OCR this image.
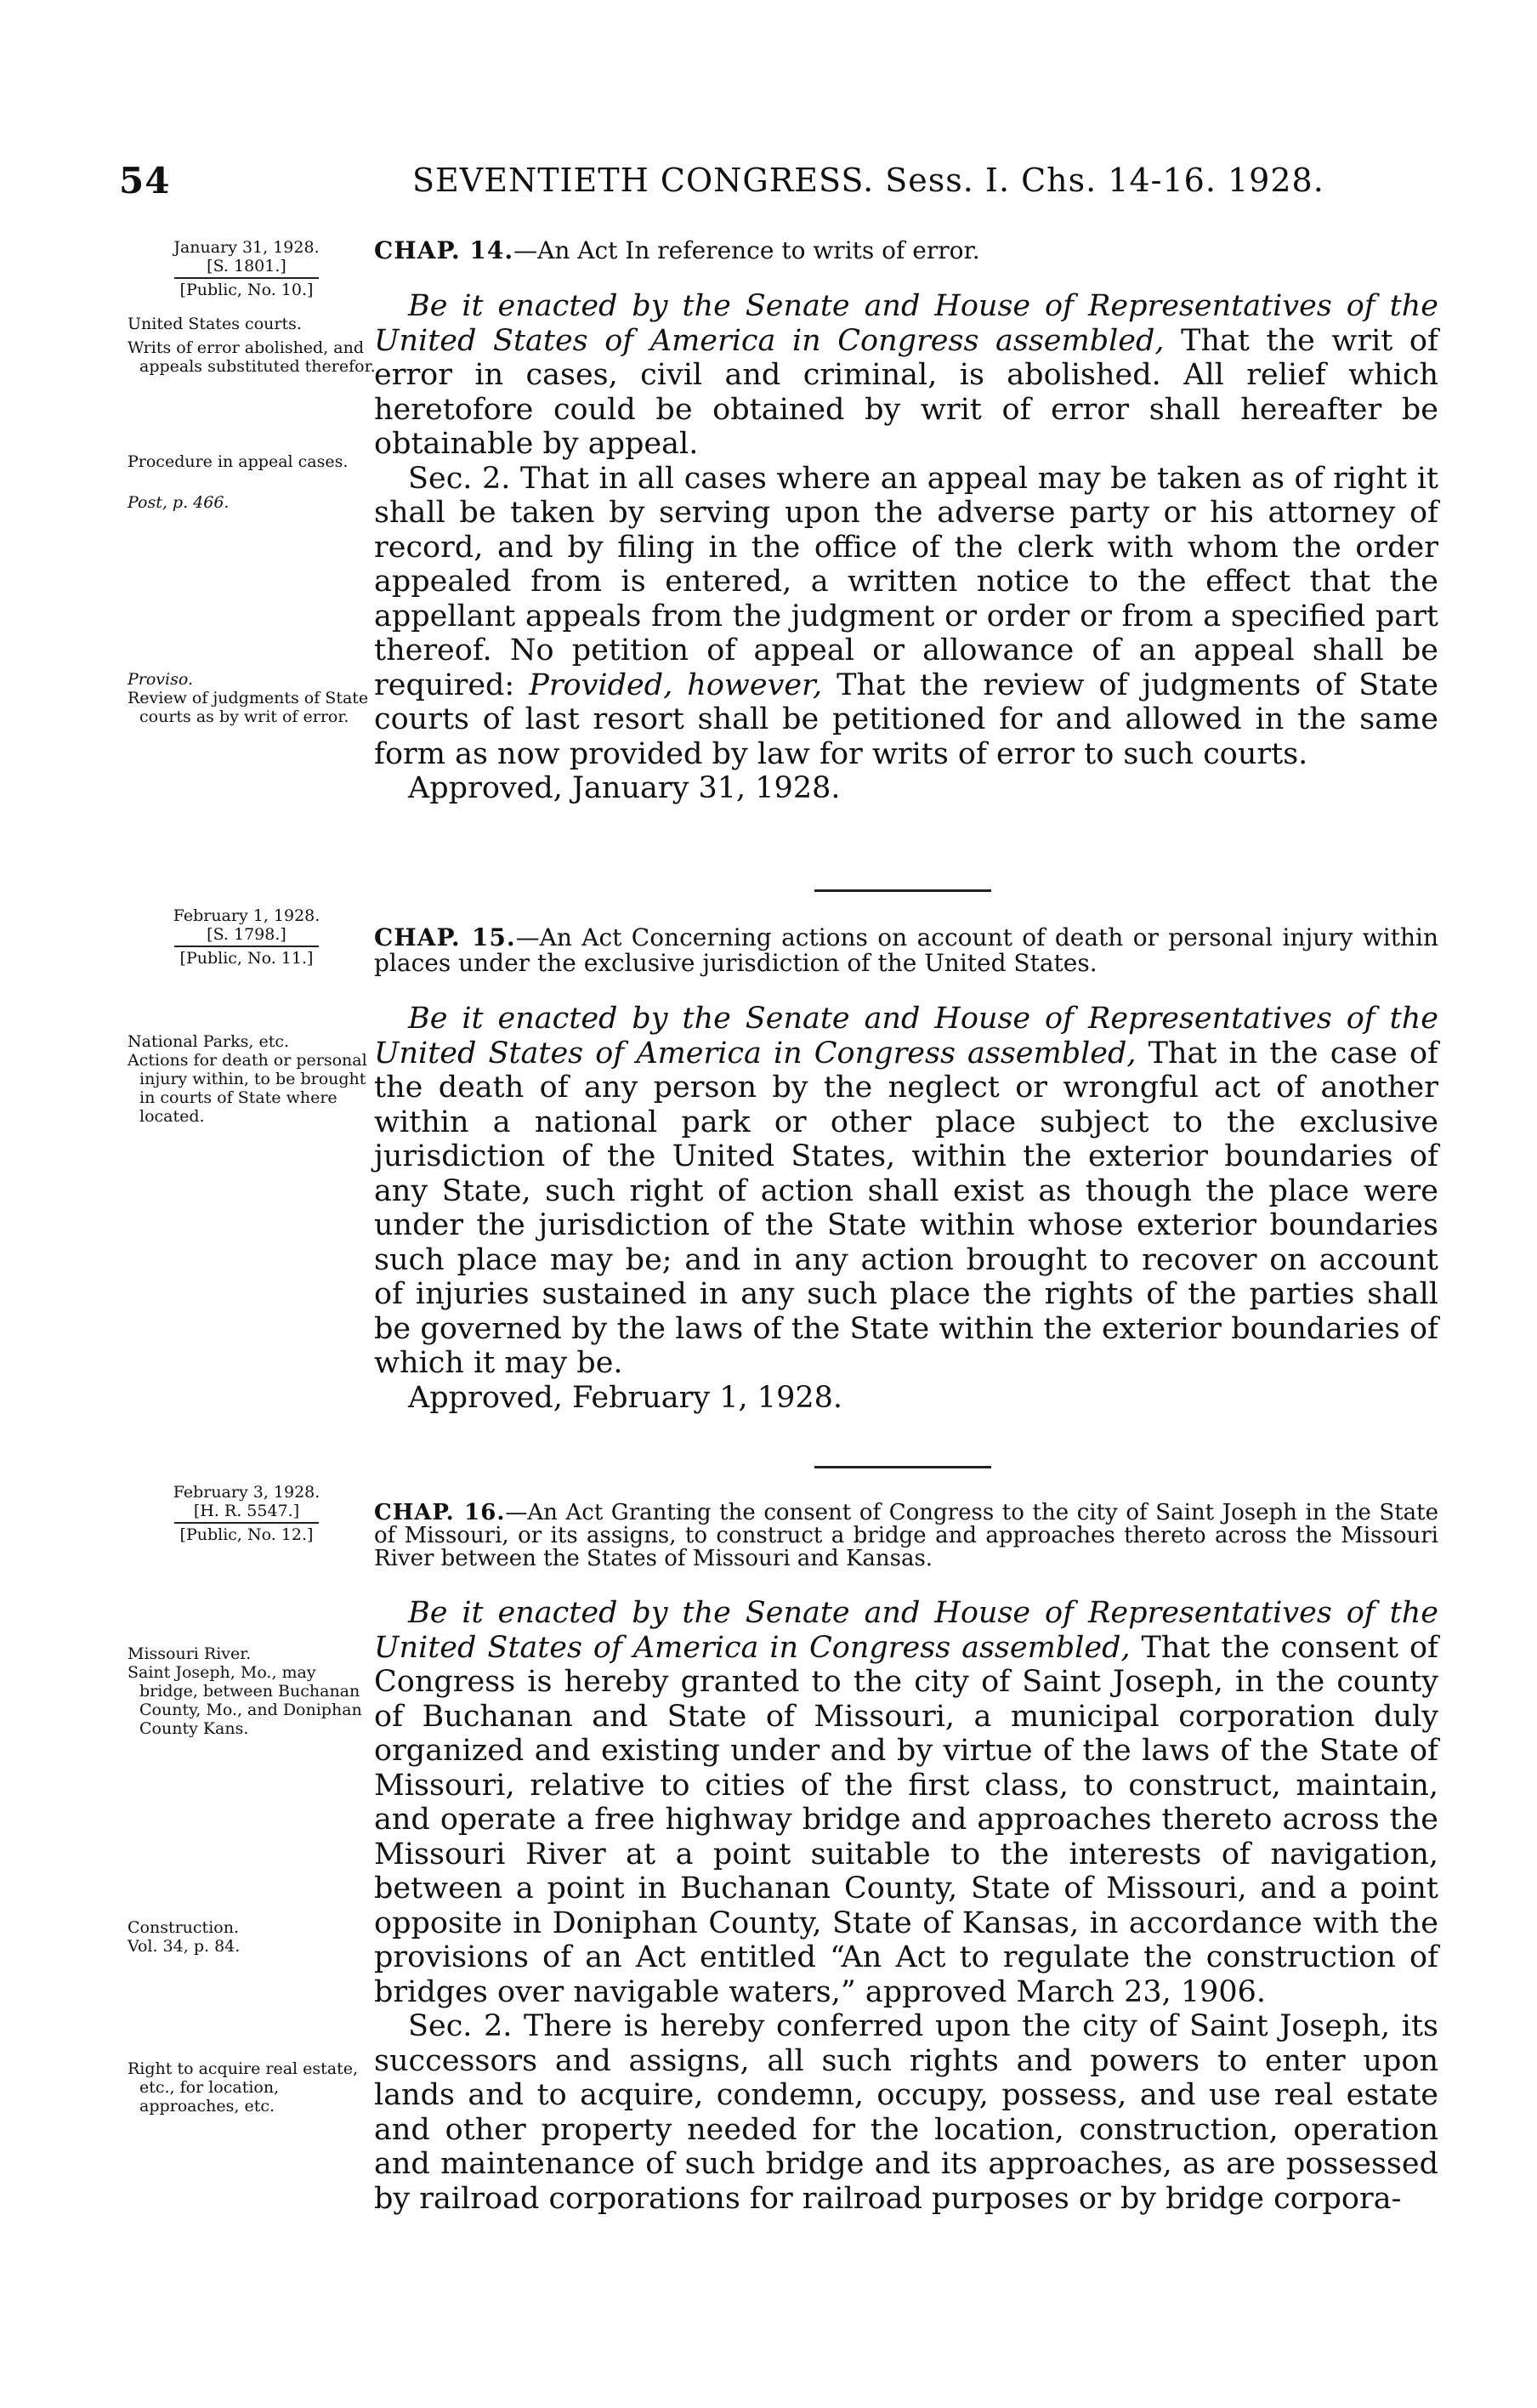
54	SEVENTIETH CONGRESS. Sess. I. Chs. 14-16. 1928.
January 31, 1928.
[S. 1801.]
[Public, No. 10.]
United States courts.
Writs of error abolished, and appeals substituted therefor.
Procedure in appeal cases.
Post, p. 466.
Proviso.
Review of judgments of State courts as by writ of error.

CHAP. 14.—An Act In reference to writs of error.

Be it enacted by the Senate and House of Representatives of the United States of America in Congress assembled, That the writ of error in cases, civil and criminal, is abolished. All relief which heretofore could be obtained by writ of error shall hereafter be obtainable by appeal.

Sec. 2. That in all cases where an appeal may be taken as of right it shall be taken by serving upon the adverse party or his attorney of record, and by filing in the office of the clerk with whom the order appealed from is entered, a written notice to the effect that the appellant appeals from the judgment or order or from a specified part thereof. No petition of appeal or allowance of an appeal shall be required: Provided, however, That the review of judgments of State courts of last resort shall be petitioned for and allowed in the same form as now provided by law for writs of error to such courts.

Approved, January 31, 1928.

February 1, 1928.
[S. 1798.]
[Public, No. 11.]
National Parks, etc.
Actions for death or personal injury within, to be brought in courts of State where located.

CHAP. 15.—An Act Concerning actions on account of death or personal injury within places under the exclusive jurisdiction of the United States.

Be it enacted by the Senate and House of Representatives of the United States of America in Congress assembled, That in the case of the death of any person by the neglect or wrongful act of another within a national park or other place subject to the exclusive jurisdiction of the United States, within the exterior boundaries of any State, such right of action shall exist as though the place were under the jurisdiction of the State within whose exterior boundaries such place may be; and in any action brought to recover on account of injuries sustained in any such place the rights of the parties shall be governed by the laws of the State within the exterior boundaries of which it may be.

Approved, February 1, 1928.

February 3, 1928.
[H. R. 5547.]
[Public, No. 12.]
Missouri River.
Saint Joseph, Mo., may bridge, between Buchanan County, Mo., and Doniphan County Kans.
Construction.
Vol. 34, p. 84.
Right to acquire real estate, etc., for location, approaches, etc.

CHAP. 16.—An Act Granting the consent of Congress to the city of Saint Joseph in the State of Missouri, or its assigns, to construct a bridge and approaches thereto across the Missouri River between the States of Missouri and Kansas.

Be it enacted by the Senate and House of Representatives of the United States of America in Congress assembled, That the consent of Congress is hereby granted to the city of Saint Joseph, in the county of Buchanan and State of Missouri, a municipal corporation duly organized and existing under and by virtue of the laws of the State of Missouri, relative to cities of the first class, to construct, maintain, and operate a free highway bridge and approaches thereto across the Missouri River at a point suitable to the interests of navigation, between a point in Buchanan County, State of Missouri, and a point opposite in Doniphan County, State of Kansas, in accordance with the provisions of an Act entitled “An Act to regulate the construction of bridges over navigable waters,” approved March 23, 1906.

Sec. 2. There is hereby conferred upon the city of Saint Joseph, its successors and assigns, all such rights and powers to enter upon lands and to acquire, condemn, occupy, possess, and use real estate and other property needed for the location, construction, operation and maintenance of such bridge and its approaches, as are possessed by railroad corporations for railroad purposes or by bridge corpora-
